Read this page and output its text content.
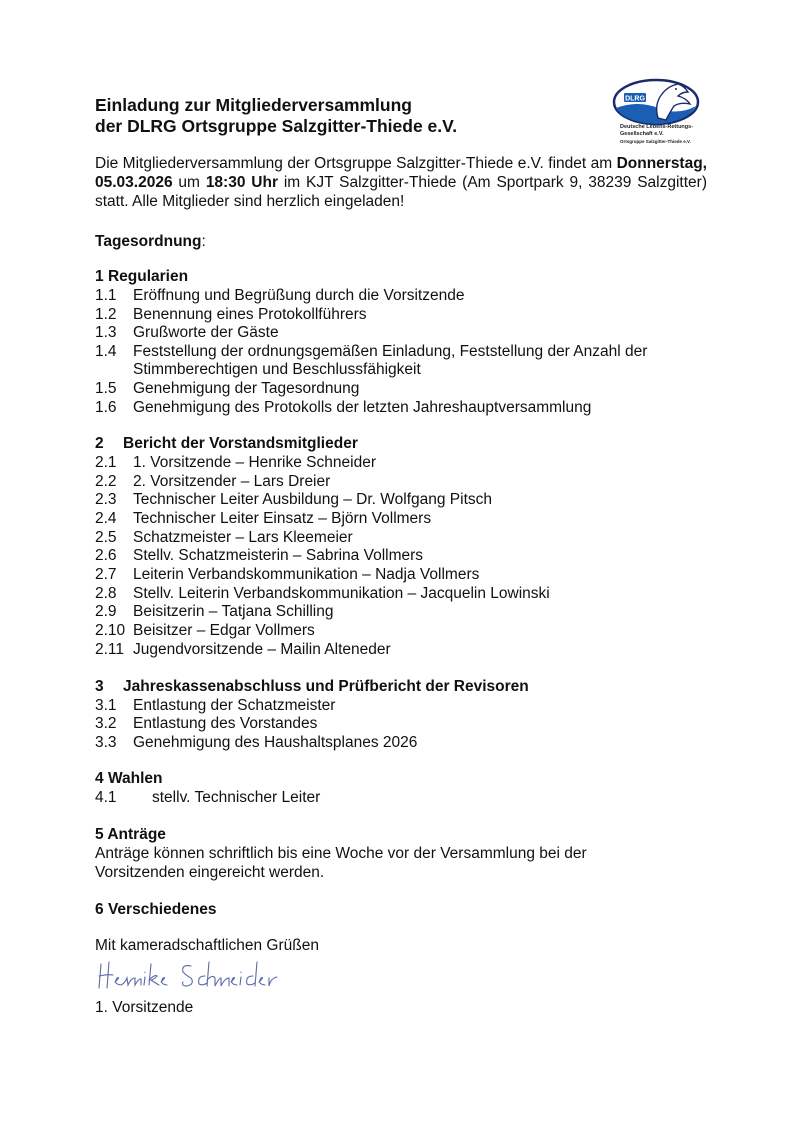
Einladung zur Mitgliederversammlung
der DLRG Ortsgruppe Salzgitter-Thiede e.V.
DLRG
Deutsche Lebens-Rettungs-
Gesellschaft e.V.
Ortsgruppe Salzgitter-Thiede e.V.
Die Mitgliederversammlung der Ortsgruppe Salzgitter-Thiede e.V. findet am Donnerstag, 05.03.2026 um 18:30 Uhr im KJT Salzgitter-Thiede (Am Sportpark 9, 38239 Salzgitter) statt. Alle Mitglieder sind herzlich eingeladen!
Tagesordnung:
1 Regularien
1.1 Eröffnung und Begrüßung durch die Vorsitzende
1.2 Benennung eines Protokollführers
1.3 Grußworte der Gäste
1.4 Feststellung der ordnungsgemäßen Einladung, Feststellung der Anzahl der
Stimmberechtigen und Beschlussfähigkeit
1.5 Genehmigung der Tagesordnung
1.6 Genehmigung des Protokolls der letzten Jahreshauptversammlung
2 Bericht der Vorstandsmitglieder
2.1 1. Vorsitzende – Henrike Schneider
2.2 2. Vorsitzender – Lars Dreier
2.3 Technischer Leiter Ausbildung – Dr. Wolfgang Pitsch
2.4 Technischer Leiter Einsatz – Björn Vollmers
2.5 Schatzmeister – Lars Kleemeier
2.6 Stellv. Schatzmeisterin – Sabrina Vollmers
2.7 Leiterin Verbandskommunikation – Nadja Vollmers
2.8 Stellv. Leiterin Verbandskommunikation – Jacquelin Lowinski
2.9 Beisitzerin – Tatjana Schilling
2.10 Beisitzer – Edgar Vollmers
2.11 Jugendvorsitzende – Mailin Alteneder
3 Jahreskassenabschluss und Prüfbericht der Revisoren
3.1 Entlastung der Schatzmeister
3.2 Entlastung des Vorstandes
3.3 Genehmigung des Haushaltsplanes 2026
4 Wahlen
4.1 stellv. Technischer Leiter
5 Anträge
Anträge können schriftlich bis eine Woche vor der Versammlung bei der
Vorsitzenden eingereicht werden.
6 Verschiedenes
Mit kameradschaftlichen Grüßen
1. Vorsitzende
